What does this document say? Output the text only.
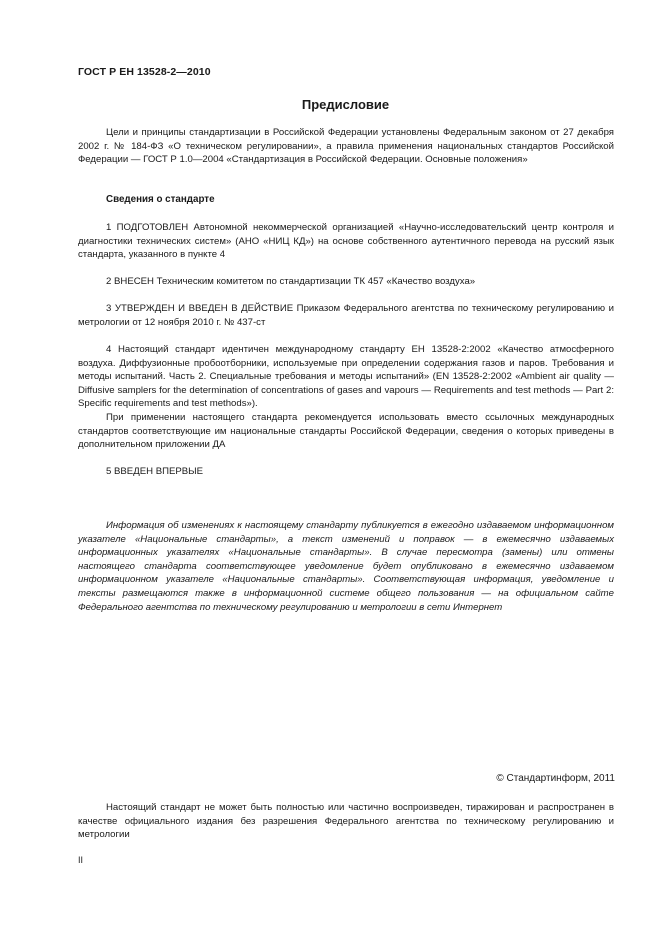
ГОСТ Р ЕН 13528-2—2010
Предисловие

Цели и принципы стандартизации в Российской Федерации установлены Федеральным законом от 27 декабря 2002 г. № 184-ФЗ «О техническом регулировании», а правила применения национальных стандартов Российской Федерации — ГОСТ Р 1.0—2004 «Стандартизация в Российской Федерации. Основные положения»

Сведения о стандарте

1 ПОДГОТОВЛЕН Автономной некоммерческой организацией «Научно-исследовательский центр контроля и диагностики технических систем» (АНО «НИЦ КД») на основе собственного аутентичного перевода на русский язык стандарта, указанного в пункте 4

2 ВНЕСЕН Техническим комитетом по стандартизации ТК 457 «Качество воздуха»

3 УТВЕРЖДЕН И ВВЕДЕН В ДЕЙСТВИЕ Приказом Федерального агентства по техническому регулированию и метрологии от 12 ноября 2010 г. № 437-ст

4 Настоящий стандарт идентичен международному стандарту ЕН 13528-2:2002 «Качество атмосферного воздуха. Диффузионные пробоотборники, используемые при определении содержания газов и паров. Требования и методы испытаний. Часть 2. Специальные требования и методы испытаний» (EN 13528-2:2002 «Ambient air quality — Diffusive samplers for the determination of concentrations of gases and vapours — Requirements and test methods — Part 2: Specific requirements and test methods»).

При применении настоящего стандарта рекомендуется использовать вместо ссылочных международных стандартов соответствующие им национальные стандарты Российской Федерации, сведения о которых приведены в дополнительном приложении ДА

5 ВВЕДЕН ВПЕРВЫЕ

Информация об изменениях к настоящему стандарту публикуется в ежегодно издаваемом информационном указателе «Национальные стандарты», а текст изменений и поправок — в ежемесячно издаваемых информационных указателях «Национальные стандарты». В случае пересмотра (замены) или отмены настоящего стандарта соответствующее уведомление будет опубликовано в ежемесячно издаваемом информационном указателе «Национальные стандарты». Соответствующая информация, уведомление и тексты размещаются также в информационной системе общего пользования — на официальном сайте Федерального агентства по техническому регулированию и метрологии в сети Интернет

© Стандартинформ, 2011

Настоящий стандарт не может быть полностью или частично воспроизведен, тиражирован и распространен в качестве официального издания без разрешения Федерального агентства по техническому регулированию и метрологии

II
